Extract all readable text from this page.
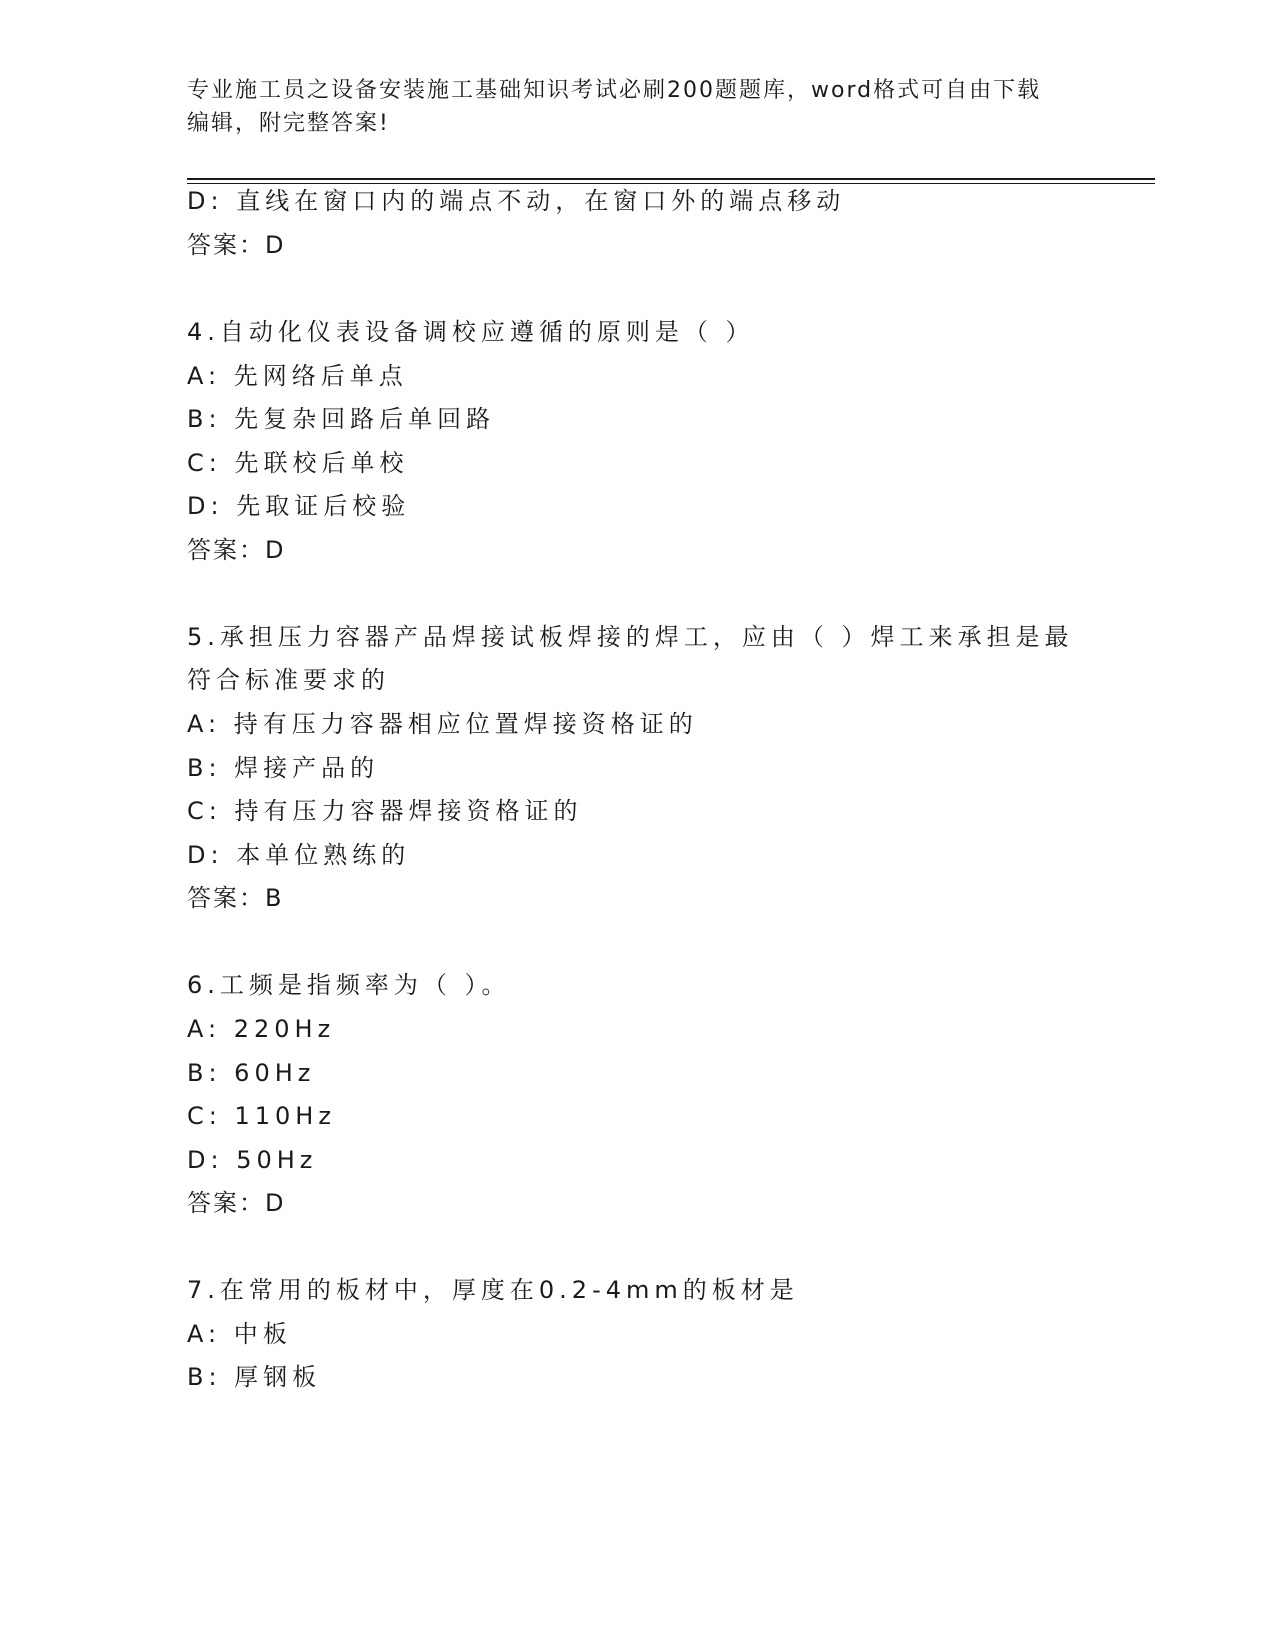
专业施工员之设备安装施工基础知识考试必刷200题题库，word格式可自由下载
编辑，附完整答案!
D: 直线在窗口内的端点不动，在窗口外的端点移动
答案：D
4.自动化仪表设备调校应遵循的原则是（ ）
A: 先网络后单点
B: 先复杂回路后单回路
C: 先联校后单校
D: 先取证后校验
答案：D
5.承担压力容器产品焊接试板焊接的焊工，应由（ ）焊工来承担是最
符合标准要求的
A: 持有压力容器相应位置焊接资格证的
B: 焊接产品的
C: 持有压力容器焊接资格证的
D: 本单位熟练的
答案：B
6.工频是指频率为（ ）。
A: 220Hz
B: 60Hz
C: 110Hz
D: 50Hz
答案：D
7.在常用的板材中，厚度在0.2-4mm的板材是
A: 中板
B: 厚钢板
